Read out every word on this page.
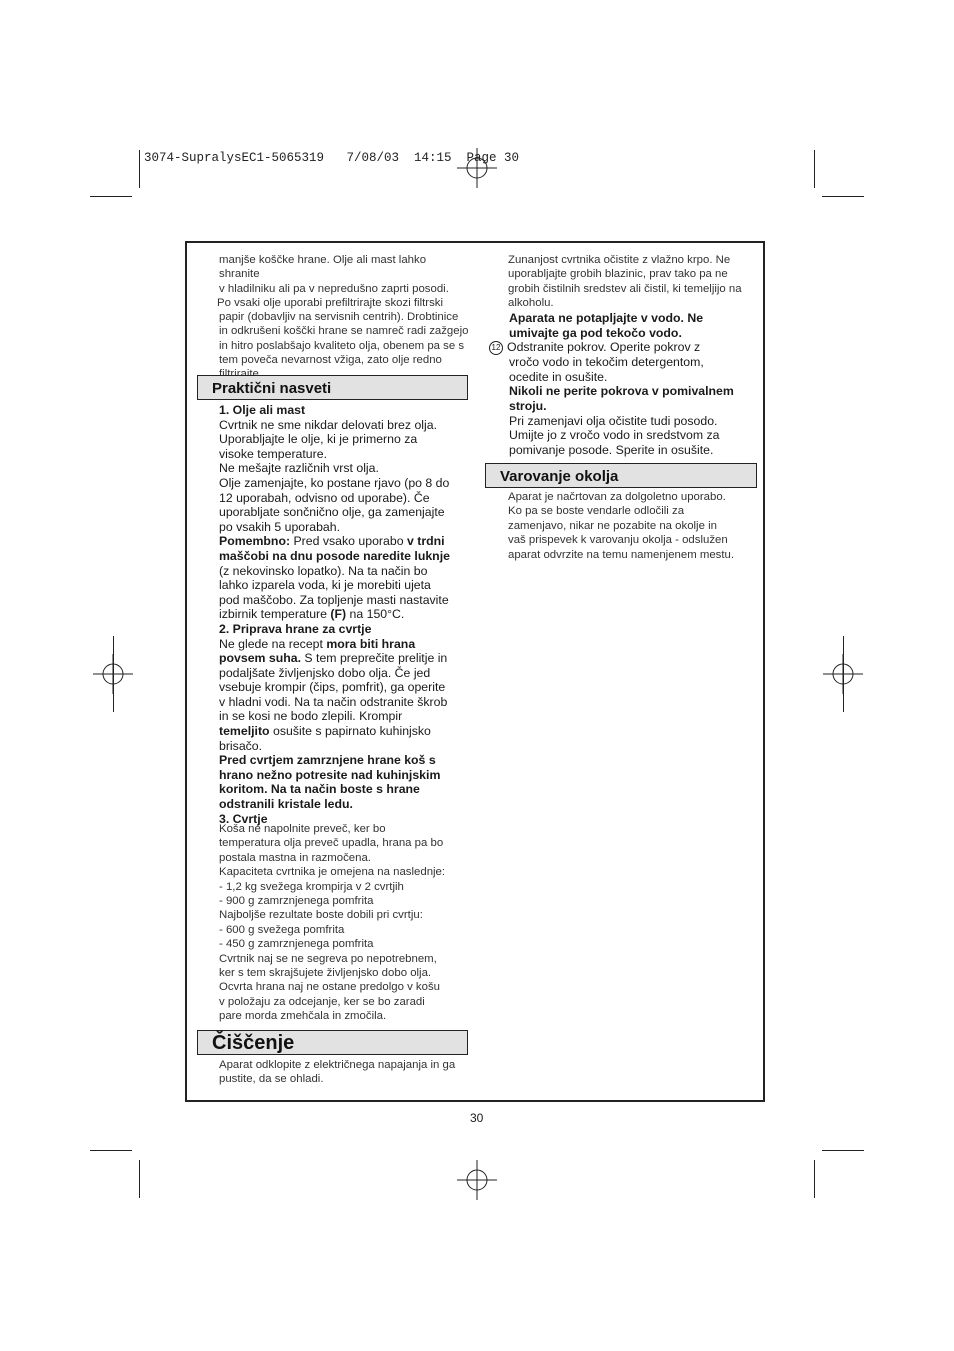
3074-SupralysEC1-5065319   7/08/03  14:15  Page 30

manjše koščke hrane. Olje ali mast lahko shranite

v hladilniku ali pa v nepredušno zaprti posodi.

Po vsaki olje uporabi prefiltrirajte skozi filtrski

papir (dobavljiv na servisnih centrih). Drobtinice

in odkrušeni koščki hrane se namreč radi zažgejo

in hitro poslabšajo kvaliteto olja, obenem pa se s

tem poveča nevarnost vžiga, zato olje redno

Praktični nasveti

1. Olje ali mast

Cvrtnik ne sme nikdar delovati brez olja.

Uporabljajte le olje, ki je primerno za

visoke temperature.

Ne mešajte različnih vrst olja.

Olje zamenjajte, ko postane rjavo (po 8 do

12 uporabah, odvisno od uporabe). Če

uporabljate sončnično olje, ga zamenjajte

po vsakih 5 uporabah.

Pomembno: Pred vsako uporabo v trdni

maščobi na dnu posode naredite luknje

(z nekovinsko lopatko). Na ta način bo

lahko izparela voda, ki je morebiti ujeta

pod maščobo. Za topljenje masti nastavite

izbirnik temperature (F) na 150°C.

2. Priprava hrane za cvrtje

Ne glede na recept mora biti hrana

povsem suha. S tem preprečite prelitje in

podaljšate življenjsko dobo olja. Če jed

vsebuje krompir (čips, pomfrit), ga operite

v hladni vodi. Na ta način odstranite škrob

in se kosi ne bodo zlepili. Krompir

temeljito osušite s papirnato kuhinjsko

brisačo.

Pred cvrtjem zamrznjene hrane koš s

hrano nežno potresite nad kuhinjskim

koritom. Na ta način boste s hrane

odstranili kristale ledu.

3. Cvrtje

Koša ne napolnite preveč, ker bo

temperatura olja preveč upadla, hrana pa bo

postala mastna in razmočena.

Kapaciteta cvrtnika je omejena na naslednje:

- 1,2 kg svežega krompirja v 2 cvrtjih

- 900 g zamrznjenega pomfrita

Najboljše rezultate boste dobili pri cvrtju:

- 600 g svežega pomfrita

- 450 g zamrznjenega pomfrita

Cvrtnik naj se ne segreva po nepotrebnem,

ker s tem skrajšujete življenjsko dobo olja.

Ocvrta hrana naj ne ostane predolgo v košu

v položaju za odcejanje, ker se bo zaradi

pare morda zmehčala in zmočila.

Čiščenje

Aparat odklopite z električnega napajanja in ga

pustite, da se ohladi.

Zunanjost cvrtnika očistite z vlažno krpo. Ne

uporabljajte grobih blazinic, prav tako pa ne

grobih čistilnih sredstev ali čistil, ki temeljijo na

alkoholu.

Aparata ne potapljajte v vodo. Ne

umivajte ga pod tekočo vodo.

12 Odstranite pokrov. Operite pokrov z

vročo vodo in tekočim detergentom,

ocedite in osušite.

Nikoli ne perite pokrova v pomivalnem

stroju.

Pri zamenjavi olja očistite tudi posodo.

Umijte jo z vročo vodo in sredstvom za

pomivanje posode. Sperite in osušite.

Varovanje okolja

Aparat je načrtovan za dolgoletno uporabo.

Ko pa se boste vendarle odločili za

zamenjavo, nikar ne pozabite na okolje in

vaš prispevek k varovanju okolja - odslužen

aparat odvrzite na temu namenjenem mestu.

30
